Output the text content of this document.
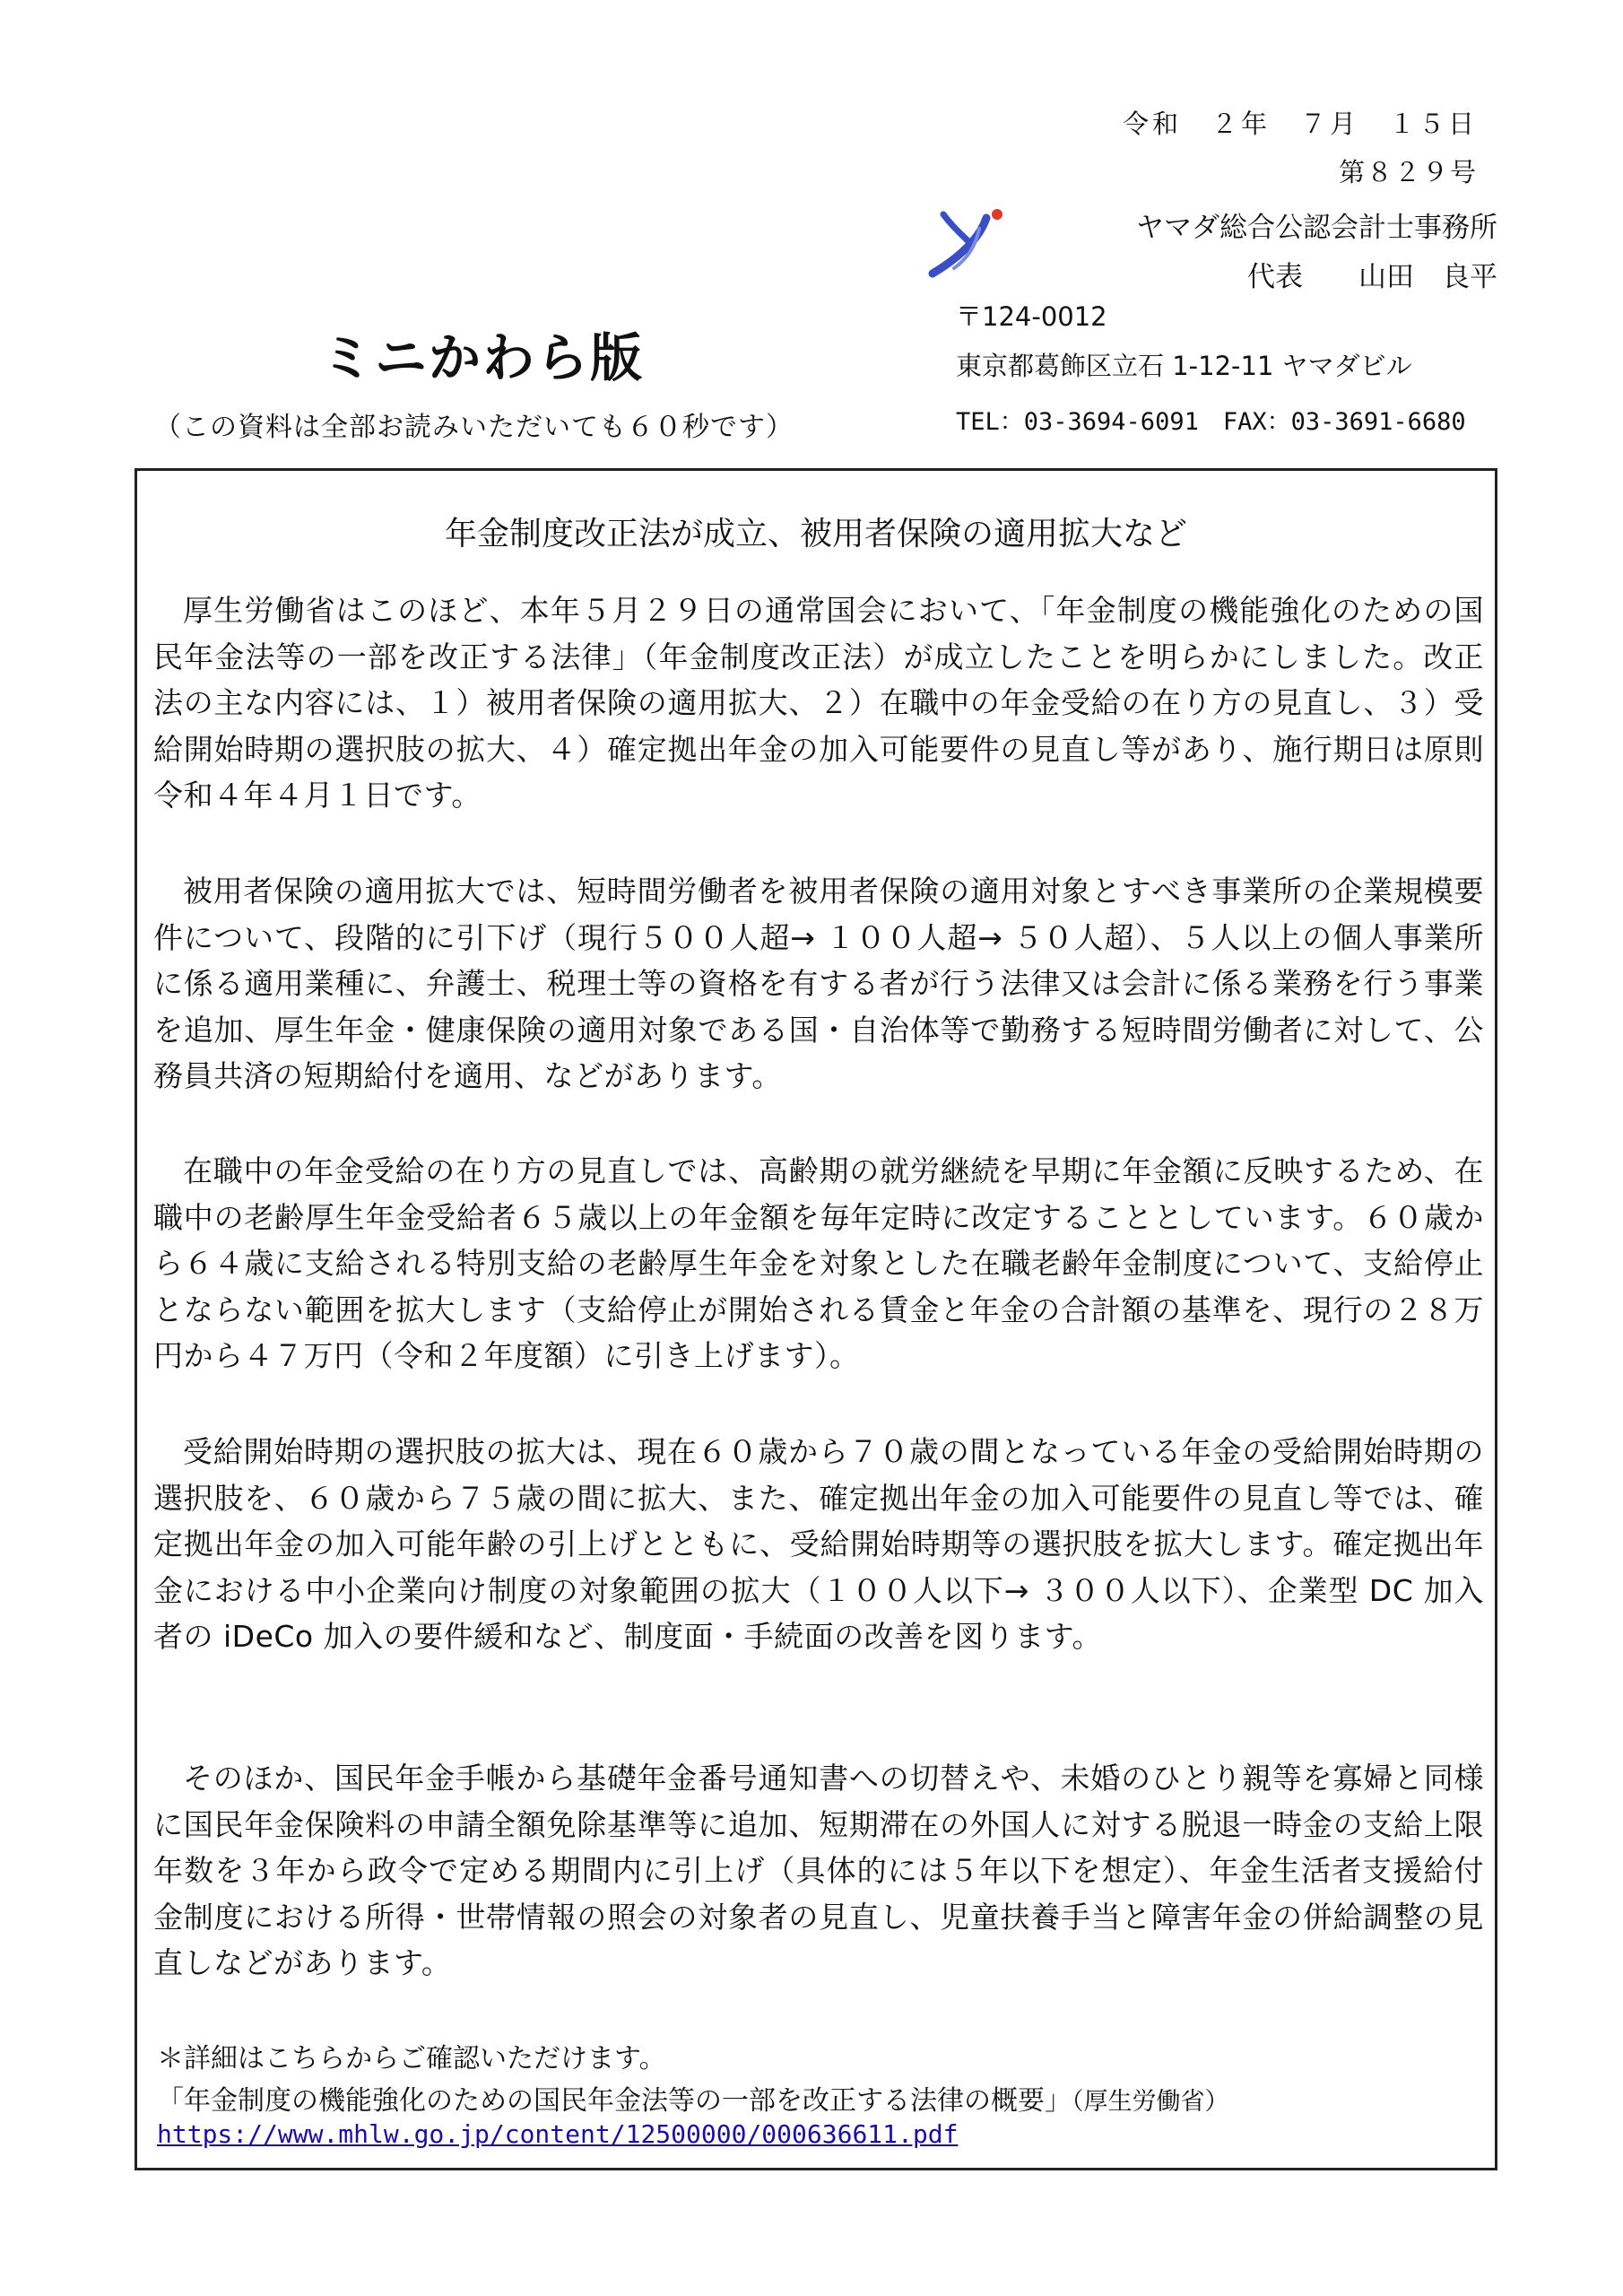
令和　２年　７月　１５日
第８２９号
ヤマダ総合公認会計士事務所
代表　　山田　良平
ミニかわら版
（この資料は全部お読みいただいても６０秒です）
〒124-0012
東京都葛飾区立石 1-12-11 ヤマダビル
TEL：03-3694-6091　FAX：03-3691-6680
年金制度改正法が成立、被用者保険の適用拡大など

厚生労働省はこのほど、本年５月２９日の通常国会において、「年金制度の機能強化のための国民年金法等の一部を改正する法律」（年金制度改正法）が成立したことを明らかにしました。改正法の主な内容には、１）被用者保険の適用拡大、２）在職中の年金受給の在り方の見直し、３）受給開始時期の選択肢の拡大、４）確定拠出年金の加入可能要件の見直し等があり、施行期日は原則令和４年４月１日です。

被用者保険の適用拡大では、短時間労働者を被用者保険の適用対象とすべき事業所の企業規模要件について、段階的に引下げ（現行５００人超→ １００人超→ ５０人超）、５人以上の個人事業所に係る適用業種に、弁護士、税理士等の資格を有する者が行う法律又は会計に係る業務を行う事業を追加、厚生年金・健康保険の適用対象である国・自治体等で勤務する短時間労働者に対して、公務員共済の短期給付を適用、などがあります。

在職中の年金受給の在り方の見直しでは、高齢期の就労継続を早期に年金額に反映するため、在職中の老齢厚生年金受給者６５歳以上の年金額を毎年定時に改定することとしています。６０歳から６４歳に支給される特別支給の老齢厚生年金を対象とした在職老齢年金制度について、支給停止とならない範囲を拡大します（支給停止が開始される賃金と年金の合計額の基準を、現行の２８万円から４７万円（令和２年度額）に引き上げます）。

受給開始時期の選択肢の拡大は、現在６０歳から７０歳の間となっている年金の受給開始時期の選択肢を、６０歳から７５歳の間に拡大、また、確定拠出年金の加入可能要件の見直し等では、確定拠出年金の加入可能年齢の引上げとともに、受給開始時期等の選択肢を拡大します。確定拠出年金における中小企業向け制度の対象範囲の拡大（１００人以下→ ３００人以下）、企業型 DC 加入者の iDeCo 加入の要件緩和など、制度面・手続面の改善を図ります。

そのほか、国民年金手帳から基礎年金番号通知書への切替えや、未婚のひとり親等を寡婦と同様に国民年金保険料の申請全額免除基準等に追加、短期滞在の外国人に対する脱退一時金の支給上限年数を３年から政令で定める期間内に引上げ（具体的には５年以下を想定）、年金生活者支援給付金制度における所得・世帯情報の照会の対象者の見直し、児童扶養手当と障害年金の併給調整の見直しなどがあります。

＊詳細はこちらからご確認いただけます。
「年金制度の機能強化のための国民年金法等の一部を改正する法律の概要」（厚生労働省）
https://www.mhlw.go.jp/content/12500000/000636611.pdf
